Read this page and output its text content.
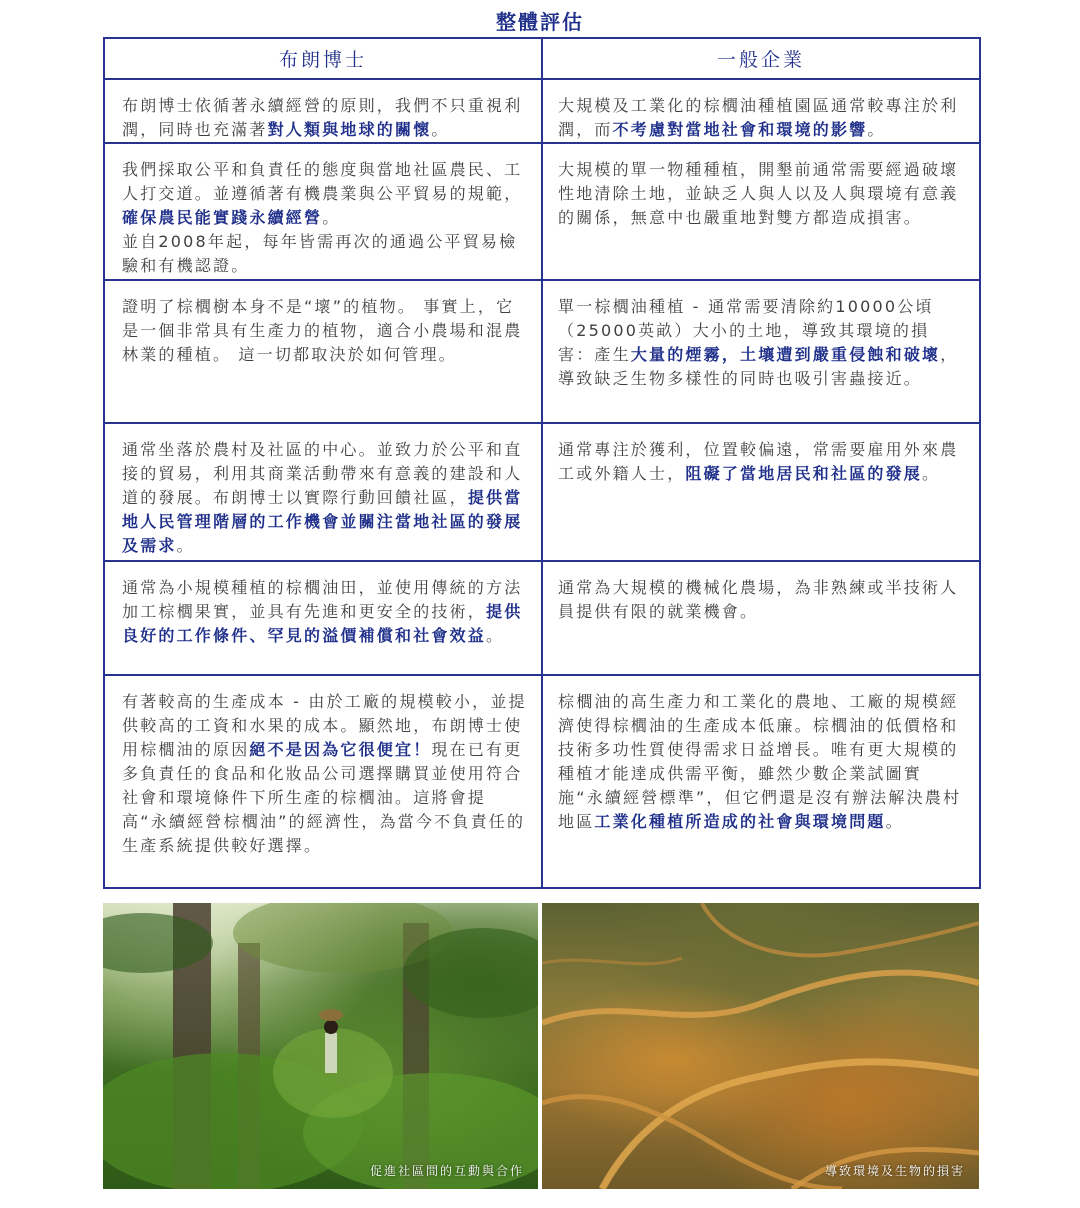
整體評估
布朗博士	一般企業
布朗博士依循著永續經營的原則，我們不只重視利潤，同時也充滿著對人類與地球的關懷。	大規模及工業化的棕櫚油種植園區通常較專注於利潤，而不考慮對當地社會和環境的影響。
我們採取公平和負責任的態度與當地社區農民、工人打交道。並遵循著有機農業與公平貿易的規範，確保農民能實踐永續經營。
並自2008年起，每年皆需再次的通過公平貿易檢驗和有機認證。	大規模的單一物種種植，開墾前通常需要經過破壞性地清除土地，並缺乏人與人以及人與環境有意義的關係，無意中也嚴重地對雙方都造成損害。
證明了棕櫚樹本身不是“壞”的植物。 事實上，它是一個非常具有生產力的植物，適合小農場和混農林業的種植。 這一切都取決於如何管理。	單一棕櫚油種植 - 通常需要清除約10000公頃（25000英畝）大小的土地，導致其環境的損害：產生大量的煙霧，土壤遭到嚴重侵蝕和破壞，導致缺乏生物多樣性的同時也吸引害蟲接近。
通常坐落於農村及社區的中心。並致力於公平和直接的貿易，利用其商業活動帶來有意義的建設和人道的發展。布朗博士以實際行動回饋社區，提供當地人民管理階層的工作機會並關注當地社區的發展及需求。	通常專注於獲利，位置較偏遠，常需要雇用外來農工或外籍人士，阻礙了當地居民和社區的發展。
通常為小規模種植的棕櫚油田，並使用傳統的方法加工棕櫚果實，並具有先進和更安全的技術，提供良好的工作條件、罕見的溢價補償和社會效益。	通常為大規模的機械化農場，為非熟練或半技術人員提供有限的就業機會。
有著較高的生產成本 - 由於工廠的規模較小，並提供較高的工資和水果的成本。顯然地，布朗博士使用棕櫚油的原因絕不是因為它很便宜！現在已有更多負責任的食品和化妝品公司選擇購買並使用符合社會和環境條件下所生產的棕櫚油。這將會提高“永續經營棕櫚油”的經濟性，為當今不負責任的生產系統提供較好選擇。	棕櫚油的高生產力和工業化的農地、工廠的規模經濟使得棕櫚油的生產成本低廉。棕櫚油的低價格和技術多功性質使得需求日益增長。唯有更大規模的種植才能達成供需平衡，雖然少數企業試圖實施“永續經營標準”，但它們還是沒有辦法解決農村地區工業化種植所造成的社會與環境問題。
促進社區間的互動與合作	導致環境及生物的損害
